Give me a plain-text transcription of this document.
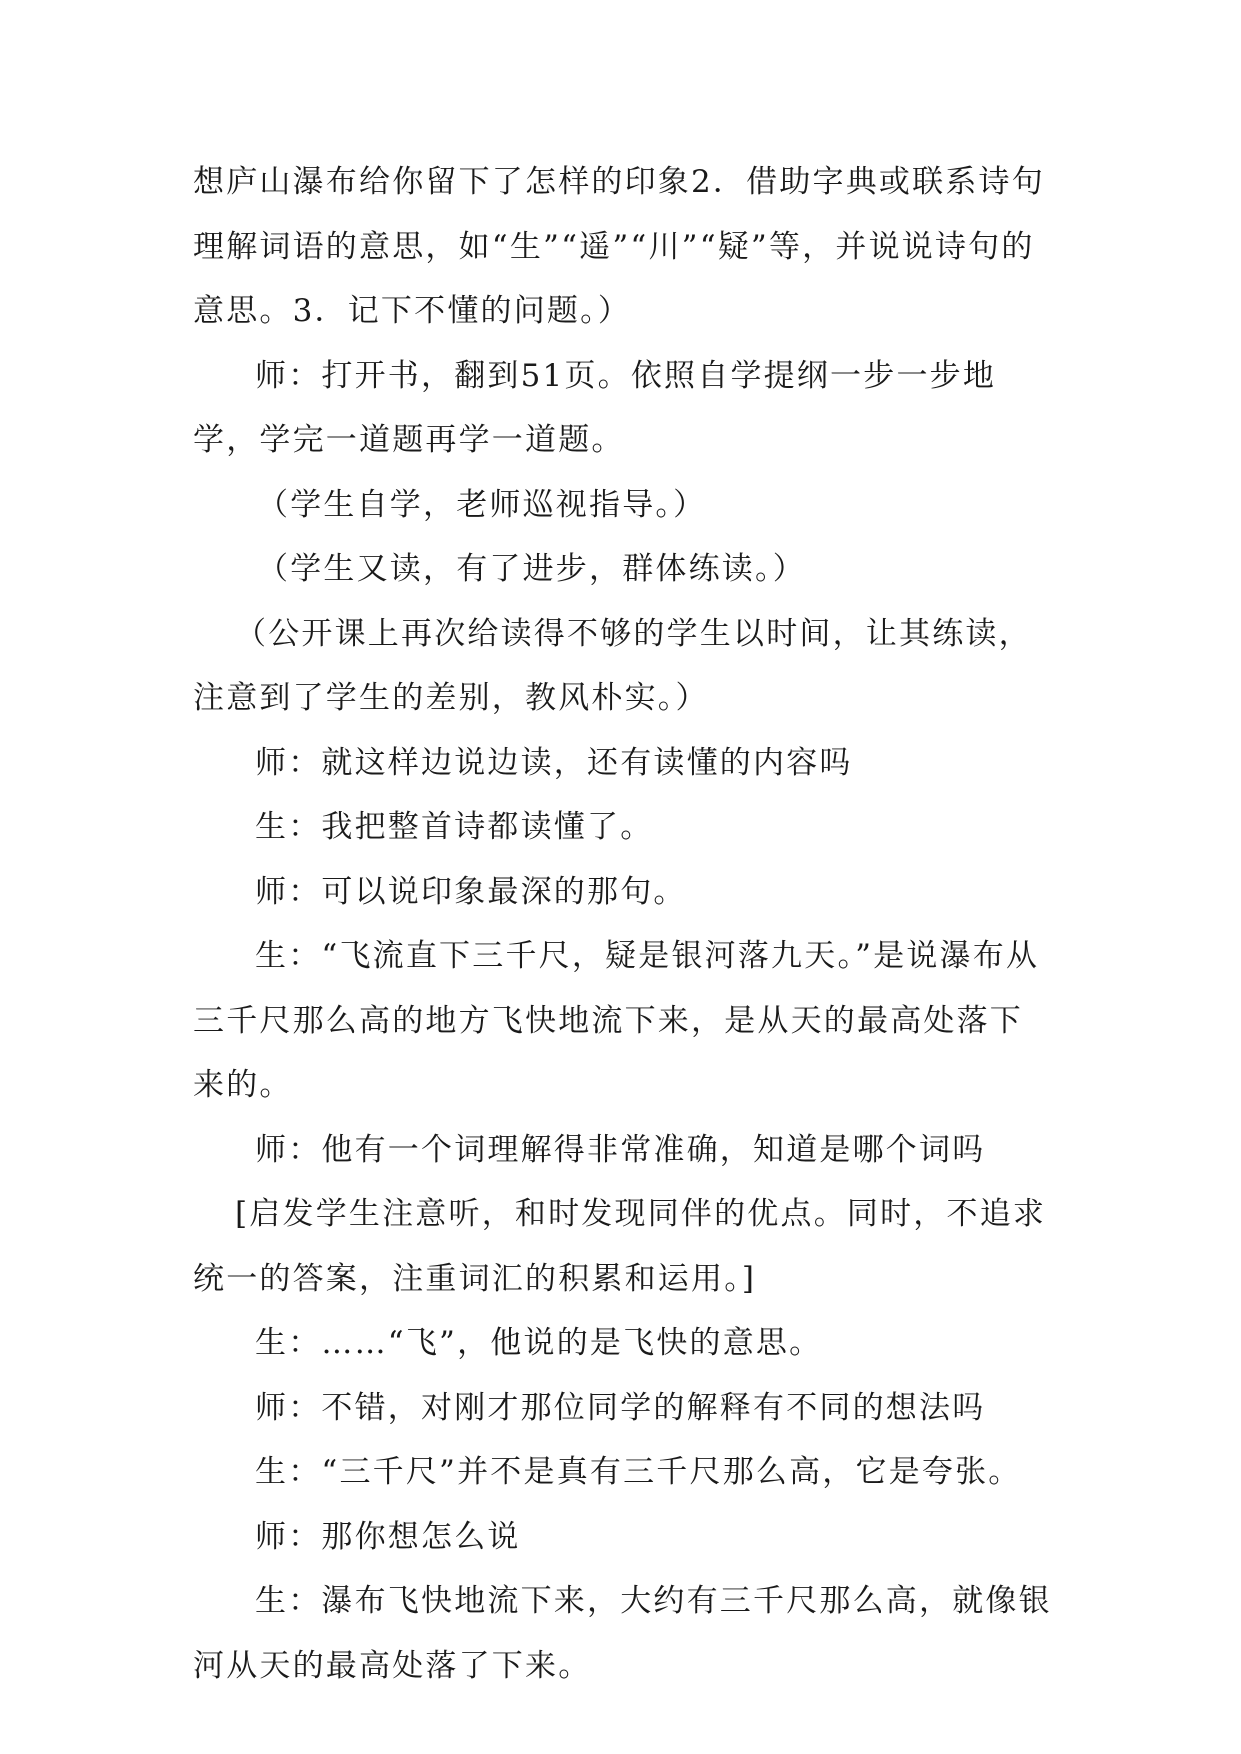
想庐山瀑布给你留下了怎样的印象2．借助字典或联系诗句理解词语的意思，如“生”“遥”“川”“疑”等，并说说诗句的意思。3．记下不懂的问题。）

师：打开书，翻到51页。依照自学提纲一步一步地学，学完一道题再学一道题。

（学生自学，老师巡视指导。）

（学生又读，有了进步，群体练读。）

（公开课上再次给读得不够的学生以时间，让其练读，注意到了学生的差别，教风朴实。）

师：就这样边说边读，还有读懂的内容吗

生：我把整首诗都读懂了。

师：可以说印象最深的那句。

生：“飞流直下三千尺，疑是银河落九天。”是说瀑布从三千尺那么高的地方飞快地流下来，是从天的最高处落下来的。

师：他有一个词理解得非常准确，知道是哪个词吗

[启发学生注意听，和时发现同伴的优点。同时，不追求统一的答案，注重词汇的积累和运用。]

生：……“飞”，他说的是飞快的意思。

师：不错，对刚才那位同学的解释有不同的想法吗

生：“三千尺”并不是真有三千尺那么高，它是夸张。

师：那你想怎么说

生：瀑布飞快地流下来，大约有三千尺那么高，就像银河从天的最高处落了下来。
